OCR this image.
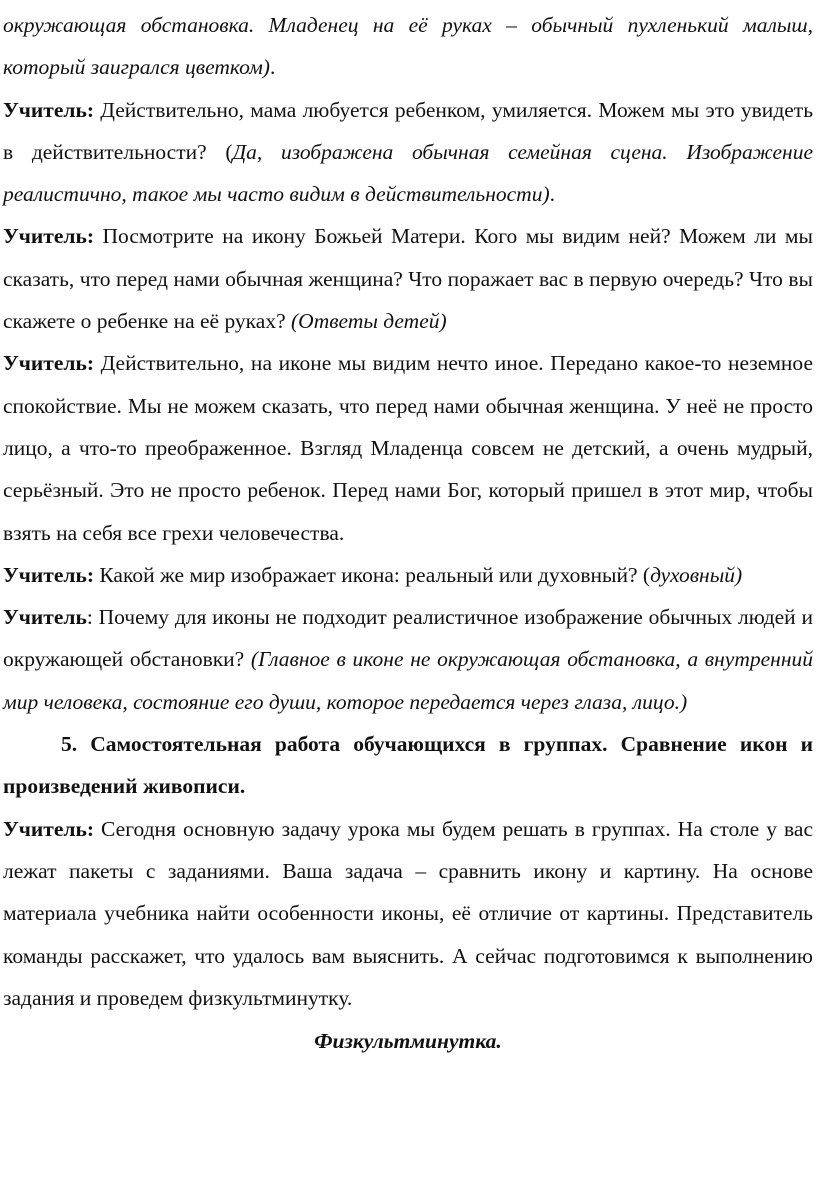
окружающая обстановка. Младенец на её руках – обычный пухленький малыш, который заигрался цветком).

Учитель: Действительно, мама любуется ребенком, умиляется. Можем мы это увидеть в действительности? (Да, изображена обычная семейная сцена. Изображение реалистично, такое мы часто видим в действительности).

Учитель: Посмотрите на икону Божьей Матери. Кого мы видим ней? Можем ли мы сказать, что перед нами обычная женщина? Что поражает вас в первую очередь? Что вы скажете о ребенке на её руках? (Ответы детей)

Учитель: Действительно, на иконе мы видим нечто иное. Передано какое-то неземное спокойствие. Мы не можем сказать, что перед нами обычная женщина. У неё не просто лицо, а что-то преображенное. Взгляд Младенца совсем не детский, а очень мудрый, серьёзный. Это не просто ребенок. Перед нами Бог, который пришел в этот мир, чтобы взять на себя все грехи человечества.

Учитель: Какой же мир изображает икона: реальный или духовный? (духовный)

Учитель: Почему для иконы не подходит реалистичное изображение обычных людей и окружающей обстановки? (Главное в иконе не окружающая обстановка, а внутренний мир человека, состояние его души, которое передается через глаза, лицо.)

5. Самостоятельная работа обучающихся в группах. Сравнение икон и произведений живописи.

Учитель: Сегодня основную задачу урока мы будем решать в группах. На столе у вас лежат пакеты с заданиями. Ваша задача – сравнить икону и картину. На основе материала учебника найти особенности иконы, её отличие от картины. Представитель команды расскажет, что удалось вам выяснить. А сейчас подготовимся к выполнению задания и проведем физкультминутку.

Физкультминутка.
